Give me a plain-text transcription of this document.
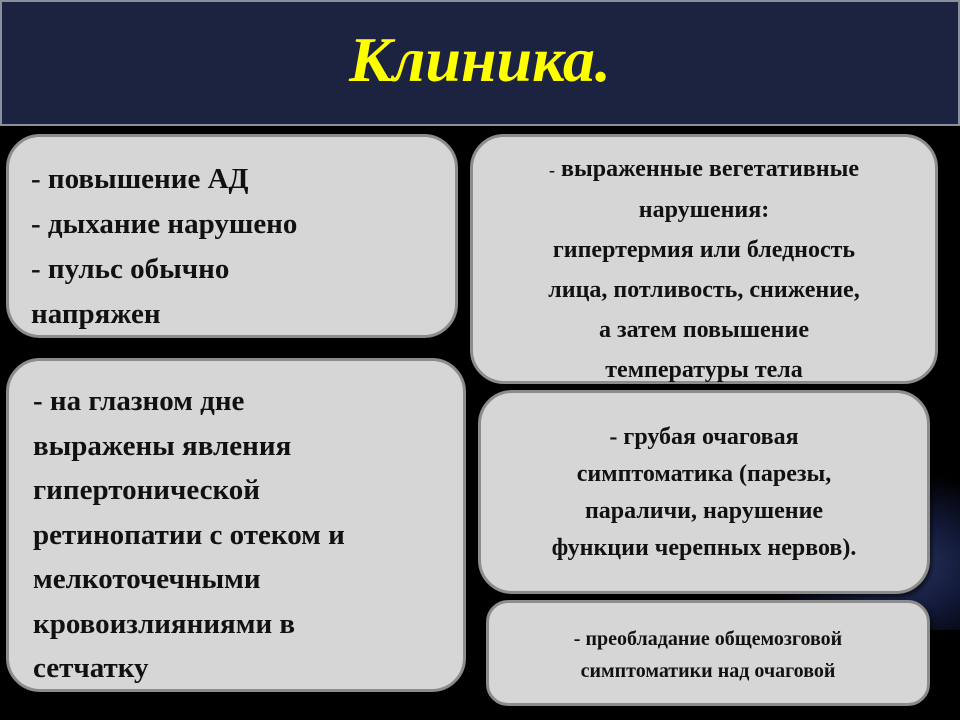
Клиника.
- повышение АД
- дыхание нарушено
- пульс обычно
напряжен
- выраженные вегетативные
нарушения:
гипертермия или бледность
лица, потливость, снижение,
а затем повышение
температуры тела
- на глазном дне
выражены явления
гипертонической
ретинопатии с отеком и
мелкоточечными
кровоизлияниями в
сетчатку
- грубая очаговая
симптоматика (парезы,
параличи, нарушение
функции черепных нервов).
- преобладание общемозговой
симптоматики над очаговой
